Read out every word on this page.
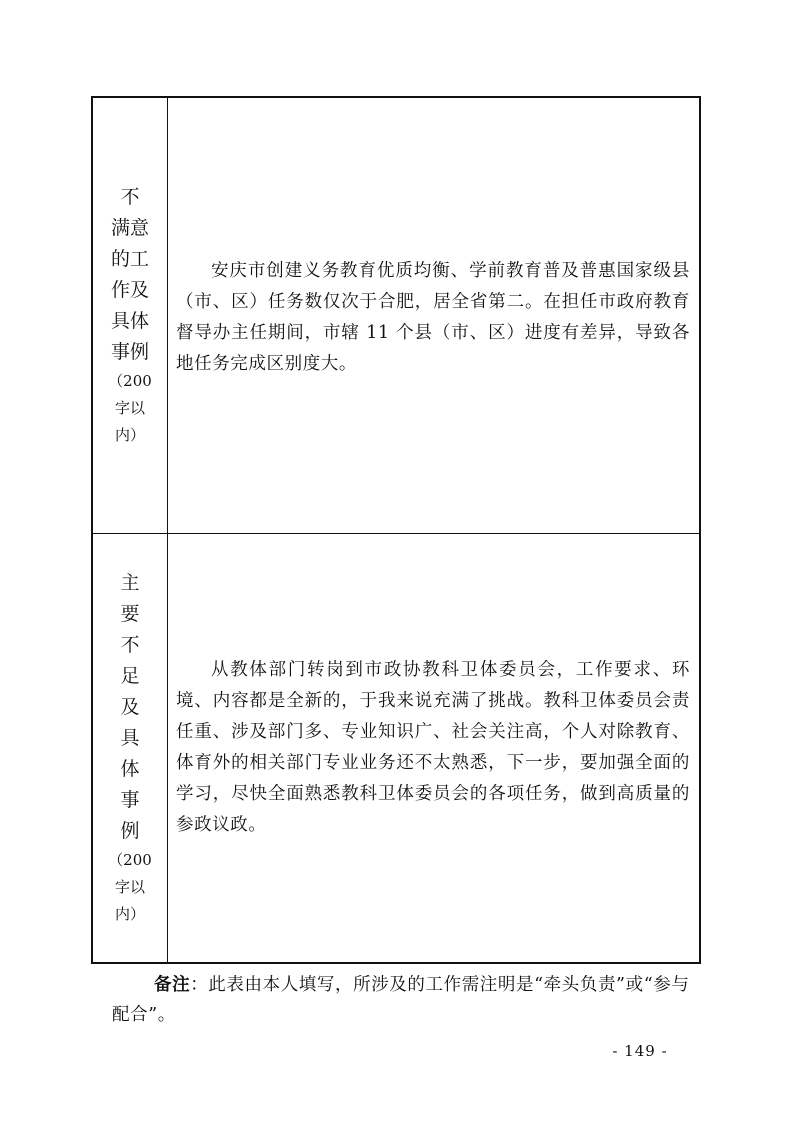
不
满意
的工
作及
具体
事例
（200
字以
内）

安庆市创建义务教育优质均衡、学前教育普及普惠国家级县（市、区）任务数仅次于合肥，居全省第二。在担任市政府教育督导办主任期间，市辖 11 个县（市、区）进度有差异，导致各地任务完成区别度大。

主
要
不
足
及
具
体
事
例
（200
字以
内）

从教体部门转岗到市政协教科卫体委员会，工作要求、环境、内容都是全新的，于我来说充满了挑战。教科卫体委员会责任重、涉及部门多、专业知识广、社会关注高，个人对除教育、体育外的相关部门专业业务还不太熟悉，下一步，要加强全面的学习，尽快全面熟悉教科卫体委员会的各项任务，做到高质量的参政议政。

备注：此表由本人填写，所涉及的工作需注明是“牵头负责”或“参与配合”。
- 149 -
